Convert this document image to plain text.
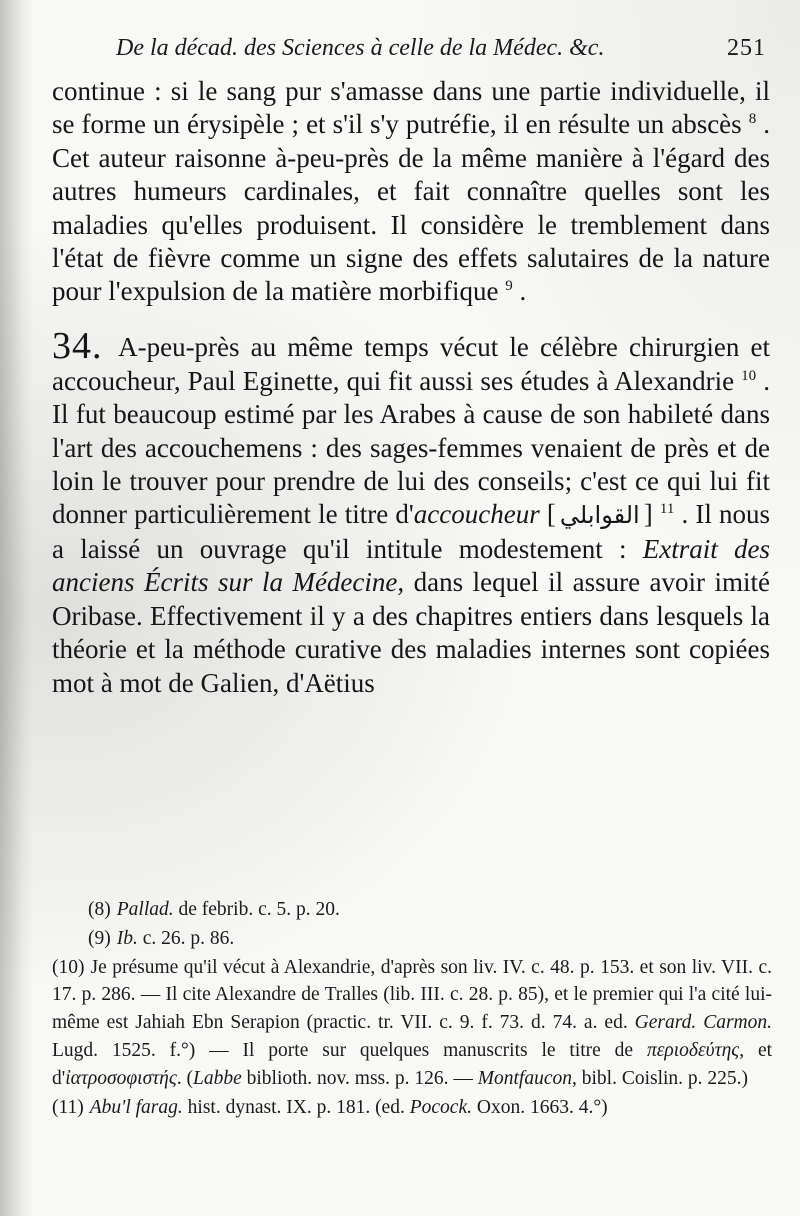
De la décad. des Sciences à celle de la Médec. &c.	251

continue : si le sang pur s'amasse dans une partie individuelle, il se forme un érysipèle ; et s'il s'y putréfie, il en résulte un abscès $^8$ . Cet auteur raisonne à-peu-près de la même manière à l'égard des autres humeurs cardinales, et fait connaître quelles sont les maladies qu'elles produisent. Il considère le tremblement dans l'état de fièvre comme un signe des effets salutaires de la nature pour l'expulsion de la matière morbifique $^9$ .

34. A-peu-près au même temps vécut le célèbre chirurgien et accoucheur, Paul Eginette, qui fit aussi ses études à Alexandrie $^{10}$ . Il fut beaucoup estimé par les Arabes à cause de son habileté dans l'art des accouchemens : des sages-femmes venaient de près et de loin le trouver pour prendre de lui des conseils; c'est ce qui lui fit donner particulièrement le titre d'accoucheur [ القوابلي ] $^{11}$ . Il nous a laissé un ouvrage qu'il intitule modestement : Extrait des anciens Écrits sur la Médecine, dans lequel il assure avoir imité Oribase. Effectivement il y a des chapitres entiers dans lesquels la théorie et la méthode curative des maladies internes sont copiées mot à mot de Galien, d'Aëtius

(8) Pallad. de febrib. c. 5. p. 20.

(9) Ib. c. 26. p. 86.

(10) Je présume qu'il vécut à Alexandrie, d'après son liv. IV. c. 48. p. 153. et son liv. VII. c. 17. p. 286. — Il cite Alexandre de Tralles (lib. III. c. 28. p. 85), et le premier qui l'a cité lui-même est Jahiah Ebn Serapion (practic. tr. VII. c. 9. f. 73. d. 74. a. ed. Gerard. Carmon. Lugd. 1525. f.°) — Il porte sur quelques manuscrits le titre de περιοδεύτης, et d'ἰατροσοφιστής. (Labbe biblioth. nov. mss. p. 126. — Montfaucon, bibl. Coislin. p. 225.)

(11) Abu'l farag. hist. dynast. IX. p. 181. (ed. Pocock. Oxon. 1663. 4.°)
